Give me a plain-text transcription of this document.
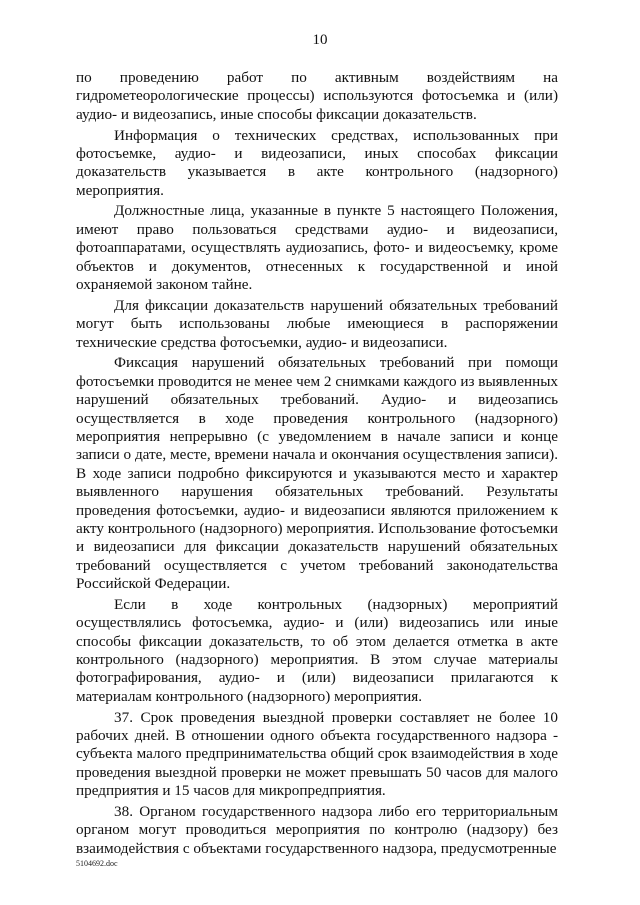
10

по проведению работ по активным воздействиям на гидрометеорологические процессы) используются фотосъемка и (или) аудио- и видеозапись, иные способы фиксации доказательств.

Информация о технических средствах, использованных при фотосъемке, аудио- и видеозаписи, иных способах фиксации доказательств указывается в акте контрольного (надзорного) мероприятия.

Должностные лица, указанные в пункте 5 настоящего Положения, имеют право пользоваться средствами аудио- и видеозаписи, фотоаппаратами, осуществлять аудиозапись, фото- и видеосъемку, кроме объектов и документов, отнесенных к государственной и иной охраняемой законом тайне.

Для фиксации доказательств нарушений обязательных требований могут быть использованы любые имеющиеся в распоряжении технические средства фотосъемки, аудио- и видеозаписи.

Фиксация нарушений обязательных требований при помощи фотосъемки проводится не менее чем 2 снимками каждого из выявленных нарушений обязательных требований. Аудио- и видеозапись осуществляется в ходе проведения контрольного (надзорного) мероприятия непрерывно (с уведомлением в начале записи и конце записи о дате, месте, времени начала и окончания осуществления записи). В ходе записи подробно фиксируются и указываются место и характер выявленного нарушения обязательных требований. Результаты проведения фотосъемки, аудио- и видеозаписи являются приложением к акту контрольного (надзорного) мероприятия. Использование фотосъемки и видеозаписи для фиксации доказательств нарушений обязательных требований осуществляется с учетом требований законодательства Российской Федерации.

Если в ходе контрольных (надзорных) мероприятий осуществлялись фотосъемка, аудио- и (или) видеозапись или иные способы фиксации доказательств, то об этом делается отметка в акте контрольного (надзорного) мероприятия. В этом случае материалы фотографирования, аудио- и (или) видеозаписи прилагаются к материалам контрольного (надзорного) мероприятия.

37. Срок проведения выездной проверки составляет не более 10 рабочих дней. В отношении одного объекта государственного надзора - субъекта малого предпринимательства общий срок взаимодействия в ходе проведения выездной проверки не может превышать 50 часов для малого предприятия и 15 часов для микропредприятия.

38. Органом государственного надзора либо его территориальным органом могут проводиться мероприятия по контролю (надзору) без взаимодействия с объектами государственного надзора, предусмотренные

5104692.doc
